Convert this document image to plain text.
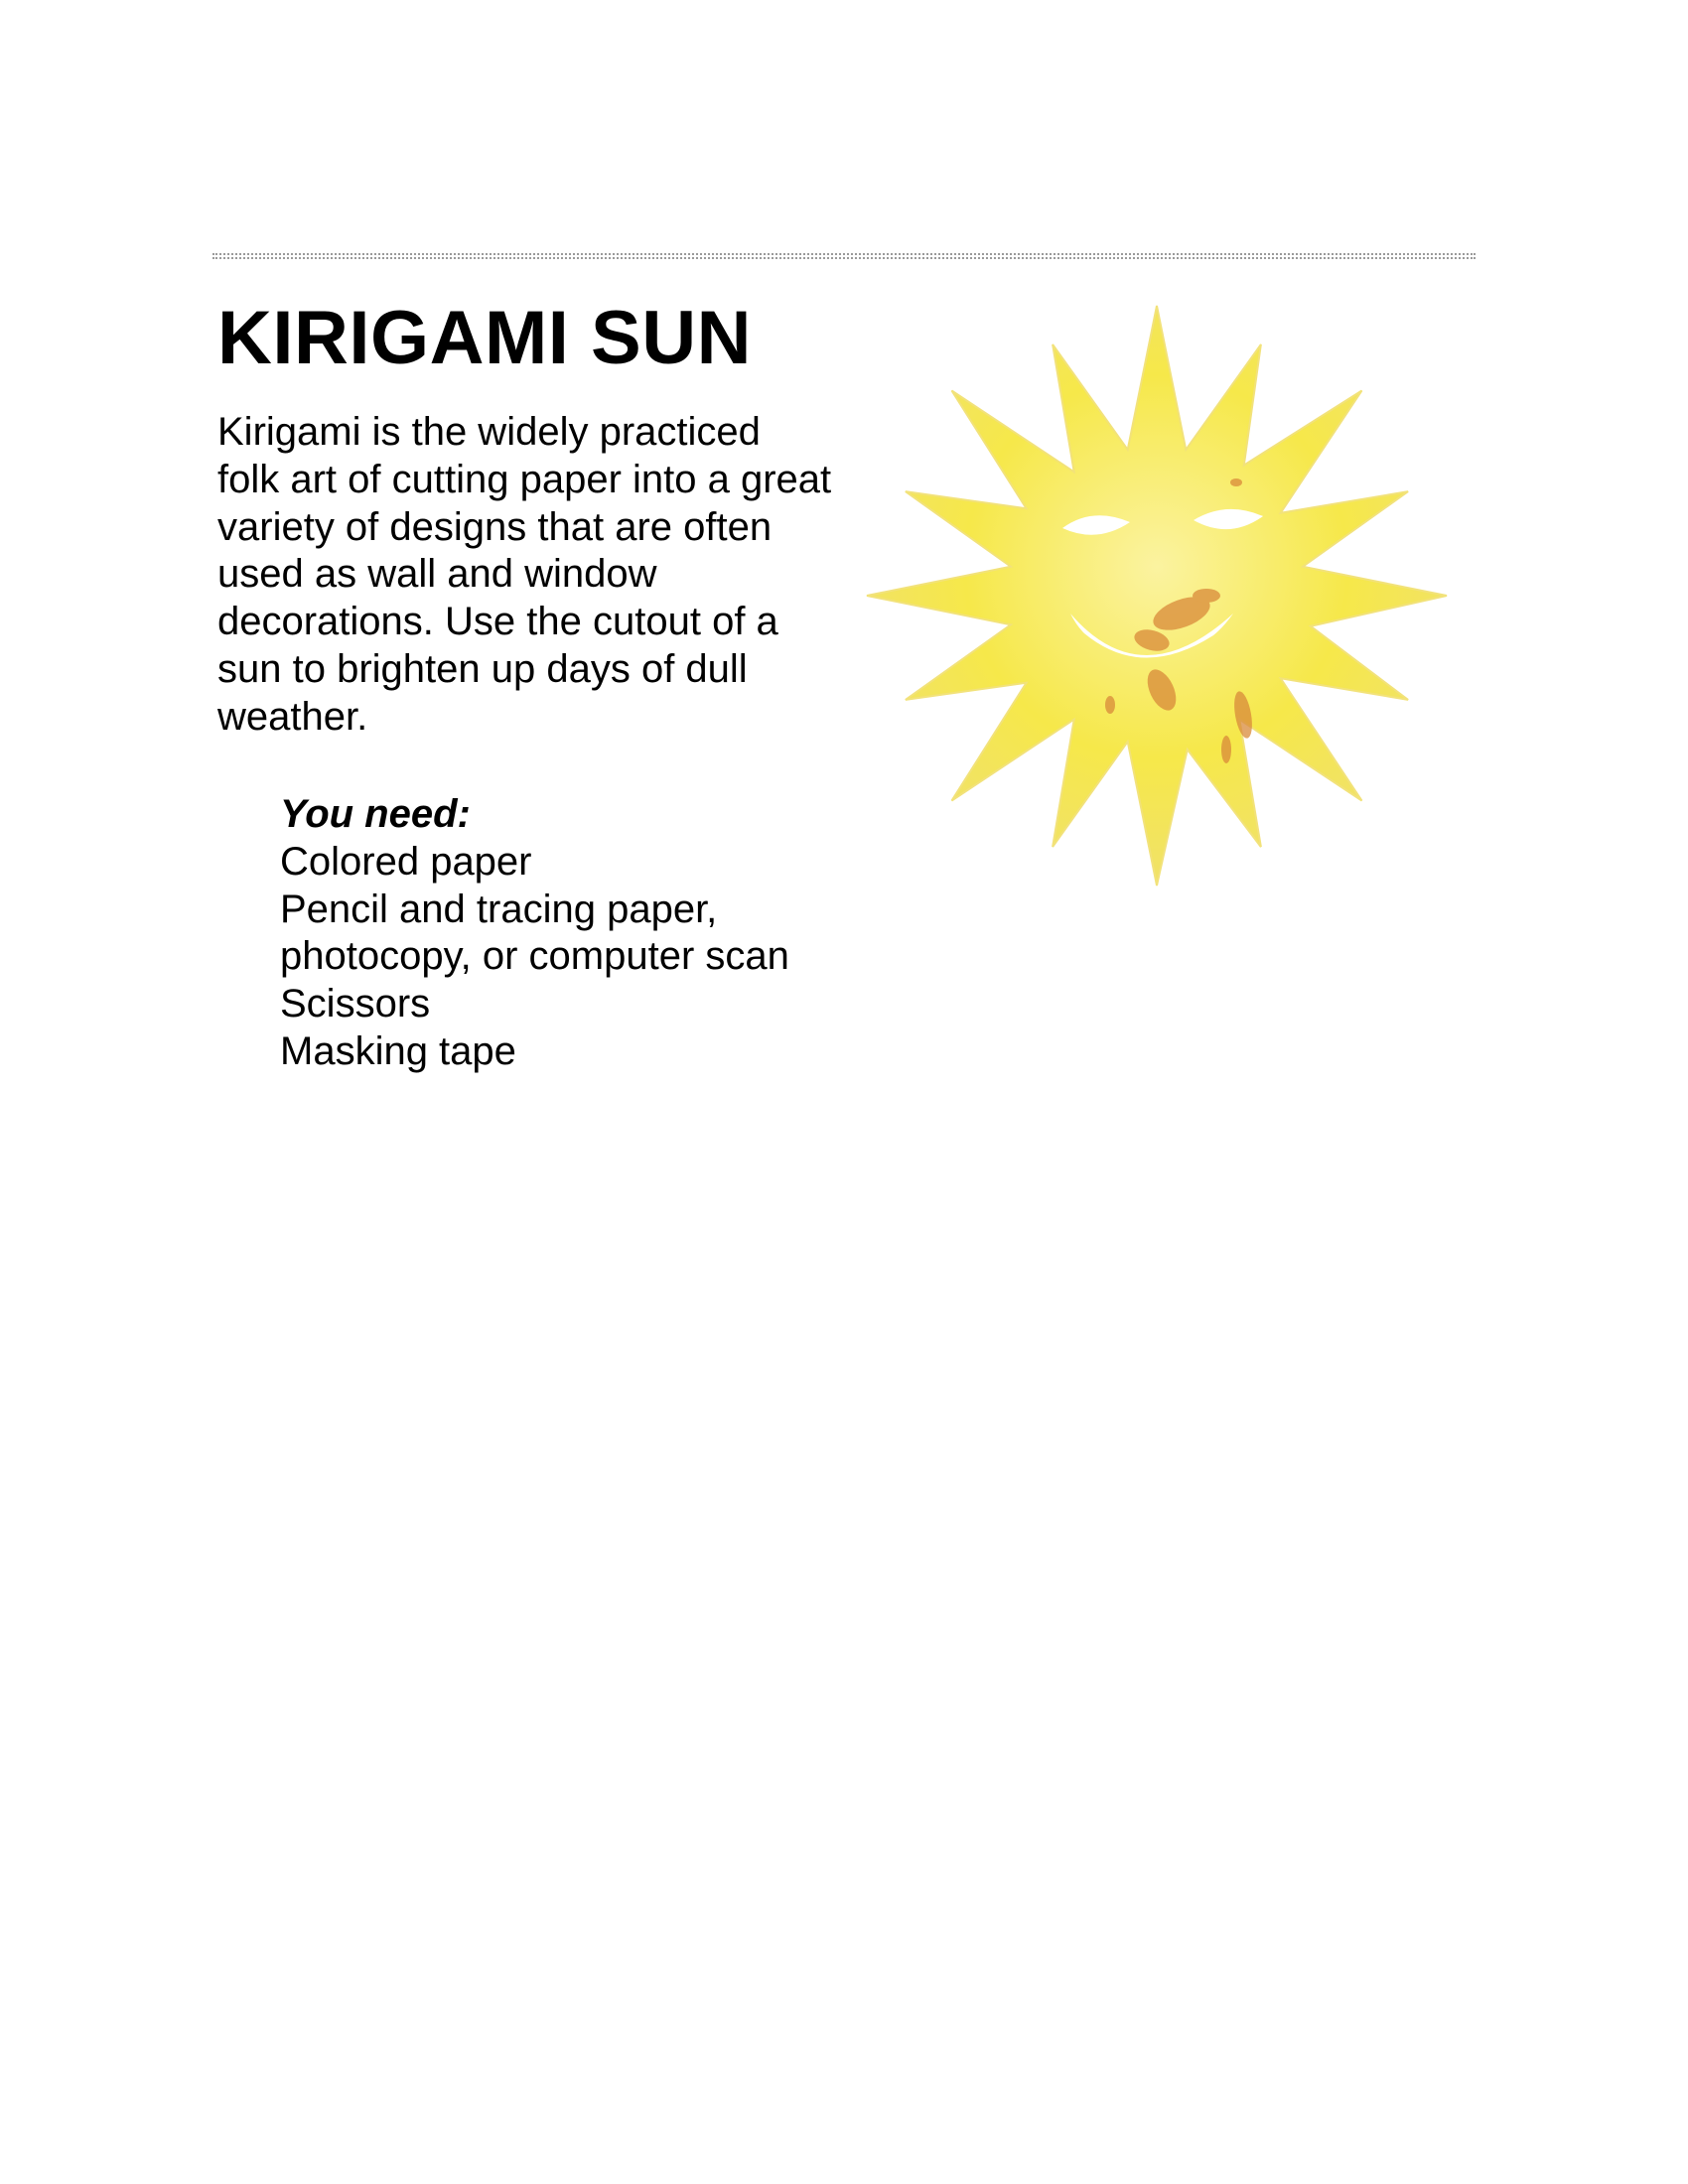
KIRIGAMI SUN

Kirigami is the widely practiced folk art of cutting paper into a great variety of designs that are often used as wall and window decorations. Use the cutout of a sun to brighten up days of dull weather.

You need:
Colored paper
Pencil and tracing paper,
photocopy, or computer scan
Scissors
Masking tape
